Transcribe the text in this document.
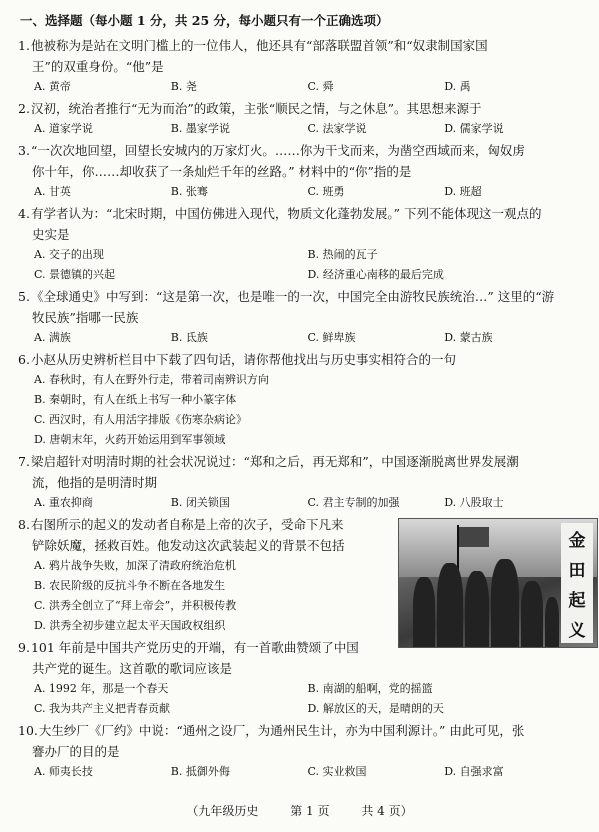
一、选择题（每小题 1 分，共 25 分，每小题只有一个正确选项）
1.他被称为是站在文明门槛上的一位伟人，他还具有“部落联盟首领”和“奴隶制国家国
王”的双重身份。“他”是
A. 黄帝	B. 尧	C. 舜	D. 禹
2.汉初，统治者推行“无为而治”的政策，主张“顺民之情，与之休息”。其思想来源于
A. 道家学说	B. 墨家学说	C. 法家学说	D. 儒家学说
3.“一次次地回望，回望长安城内的万家灯火。……你为干戈而来，为凿空西域而来，匈奴虏
你十年，你……却收获了一条灿烂千年的丝路。” 材料中的“你”指的是
A. 甘英	B. 张骞	C. 班勇	D. 班超
4.有学者认为：“北宋时期，中国仿佛进入现代，物质文化蓬勃发展。” 下列不能体现这一观点的
史实是
A. 交子的出现	B. 热闹的瓦子
C. 景德镇的兴起	D. 经济重心南移的最后完成
5.《全球通史》中写到：“这是第一次，也是唯一的一次，中国完全由游牧民族统治…” 这里的“游
牧民族”指哪一民族
A. 满族	B. 氐族	C. 鲜卑族	D. 蒙古族
6.小赵从历史辨析栏目中下载了四句话，请你帮他找出与历史事实相符合的一句
A. 春秋时，有人在野外行走，带着司南辨识方向
B. 秦朝时，有人在纸上书写一种小篆字体
C. 西汉时，有人用活字排版《伤寒杂病论》
D. 唐朝末年，火药开始运用到军事领域
7.梁启超针对明清时期的社会状况说过：“郑和之后，再无郑和”，中国逐渐脱离世界发展潮
流，他指的是明清时期
A. 重农抑商	B. 闭关锁国	C. 君主专制的加强	D. 八股取士
金
田
起
义
8.右图所示的起义的发动者自称是上帝的次子，受命下凡来
铲除妖魔，拯救百姓。他发动这次武装起义的背景不包括
A. 鸦片战争失败，加深了清政府统治危机
B. 农民阶级的反抗斗争不断在各地发生
C. 洪秀全创立了“拜上帝会”，并积极传教
D. 洪秀全初步建立起太平天国政权组织
9.101 年前是中国共产党历史的开端，有一首歌曲赞颂了中国
共产党的诞生。这首歌的歌词应该是
A. 1992 年，那是一个春天	B. 南湖的船啊，党的摇篮
C. 我为共产主义把青春贡献	D. 解放区的天，是晴朗的天
10.大生纱厂《厂约》中说：“通州之设厂，为通州民生计，亦为中国利源计。” 由此可见，张
謇办厂的目的是
A. 师夷长技	B. 抵御外侮	C. 实业救国	D. 自强求富
（九年级历史	第 1 页	共 4 页）
